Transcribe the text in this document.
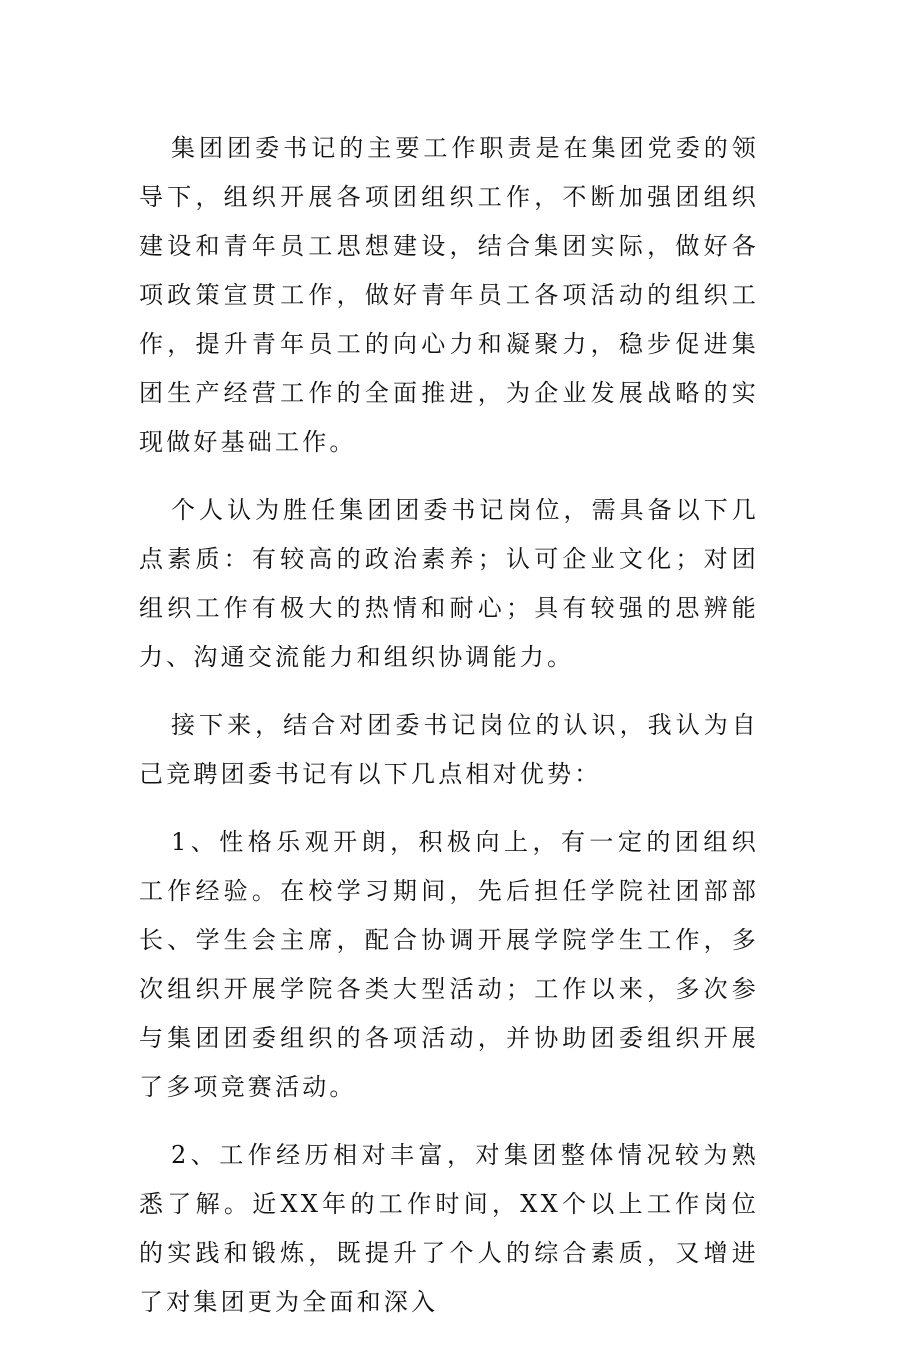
集团团委书记的主要工作职责是在集团党委的领导下，组织开展各项团组织工作，不断加强团组织建设和青年员工思想建设，结合集团实际，做好各项政策宣贯工作，做好青年员工各项活动的组织工作，提升青年员工的向心力和凝聚力，稳步促进集团生产经营工作的全面推进，为企业发展战略的实现做好基础工作。

个人认为胜任集团团委书记岗位，需具备以下几点素质：有较高的政治素养；认可企业文化；对团组织工作有极大的热情和耐心；具有较强的思辨能力、沟通交流能力和组织协调能力。

接下来，结合对团委书记岗位的认识，我认为自己竞聘团委书记有以下几点相对优势：

1、性格乐观开朗，积极向上，有一定的团组织工作经验。在校学习期间，先后担任学院社团部部长、学生会主席，配合协调开展学院学生工作，多次组织开展学院各类大型活动；工作以来，多次参与集团团委组织的各项活动，并协助团委组织开展了多项竞赛活动。

2、工作经历相对丰富，对集团整体情况较为熟悉了解。近XX年的工作时间，XX个以上工作岗位的实践和锻炼，既提升了个人的综合素质，又增进了对集团更为全面和深入
